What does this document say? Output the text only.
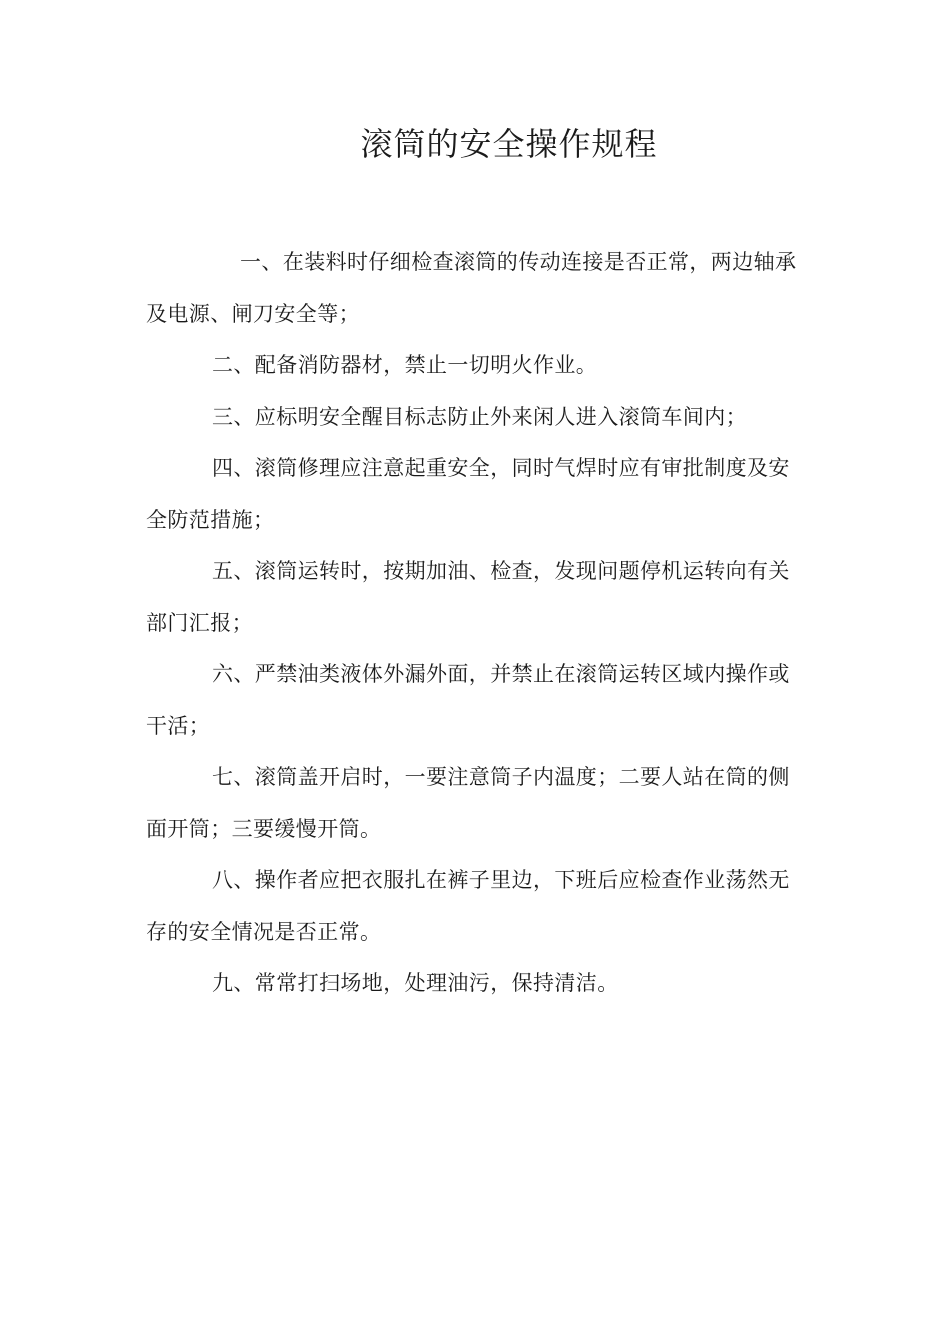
滚筒的安全操作规程

一、在装料时仔细检查滚筒的传动连接是否正常，两边轴承及电源、闸刀安全等；

二、配备消防器材，禁止一切明火作业。

三、应标明安全醒目标志防止外来闲人进入滚筒车间内；

四、滚筒修理应注意起重安全，同时气焊时应有审批制度及安全防范措施；

五、滚筒运转时，按期加油、检查，发现问题停机运转向有关部门汇报；

六、严禁油类液体外漏外面，并禁止在滚筒运转区域内操作或干活；

七、滚筒盖开启时，一要注意筒子内温度；二要人站在筒的侧面开筒；三要缓慢开筒。

八、操作者应把衣服扎在裤子里边，下班后应检查作业荡然无存的安全情况是否正常。

九、常常打扫场地，处理油污，保持清洁。
